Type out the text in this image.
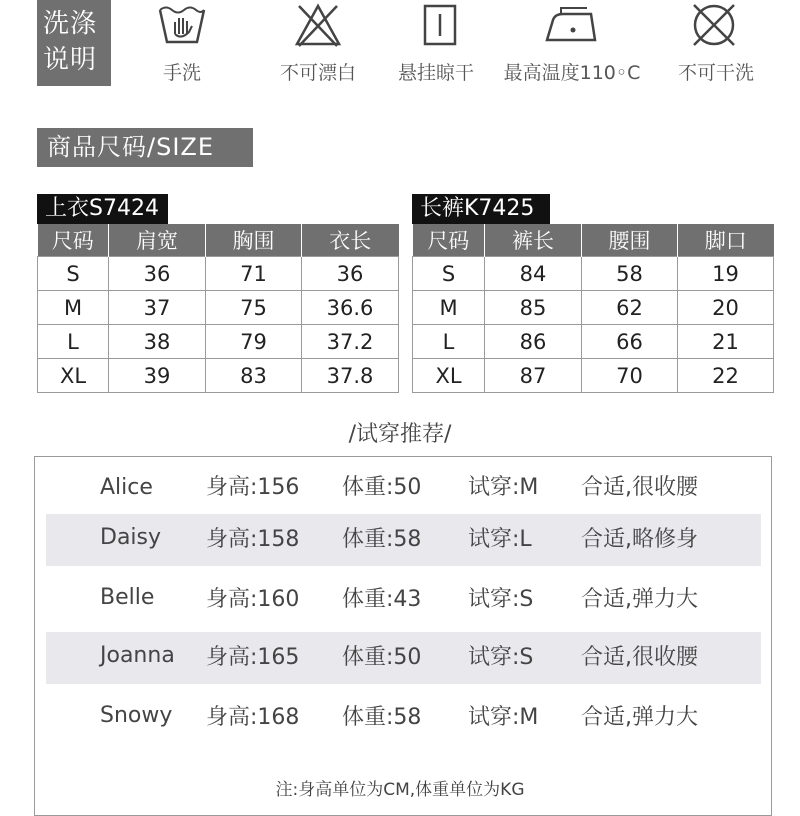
洗涤
说明	手洗	不可漂白	悬挂晾干	最高温度110◦C	不可干洗
商品尺码/SIZE
上衣S7424
尺码	肩宽	胸围	衣长
S	36	71	36
M	37	75	36.6
L	38	79	37.2
XL	39	83	37.8
长裤K7425
尺码	裤长	腰围	脚口
S	84	58	19
M	85	62	20
L	86	66	21
XL	87	70	22
/试穿推荐/
Alice 身高:156 体重:50 试穿:M 合适,很收腰
Daisy 身高:158 体重:58 试穿:L 合适,略修身
Belle 身高:160 体重:43 试穿:S 合适,弹力大
Joanna 身高:165 体重:50 试穿:S 合适,很收腰
Snowy 身高:168 体重:58 试穿:M 合适,弹力大
注:身高单位为CM,体重单位为KG
